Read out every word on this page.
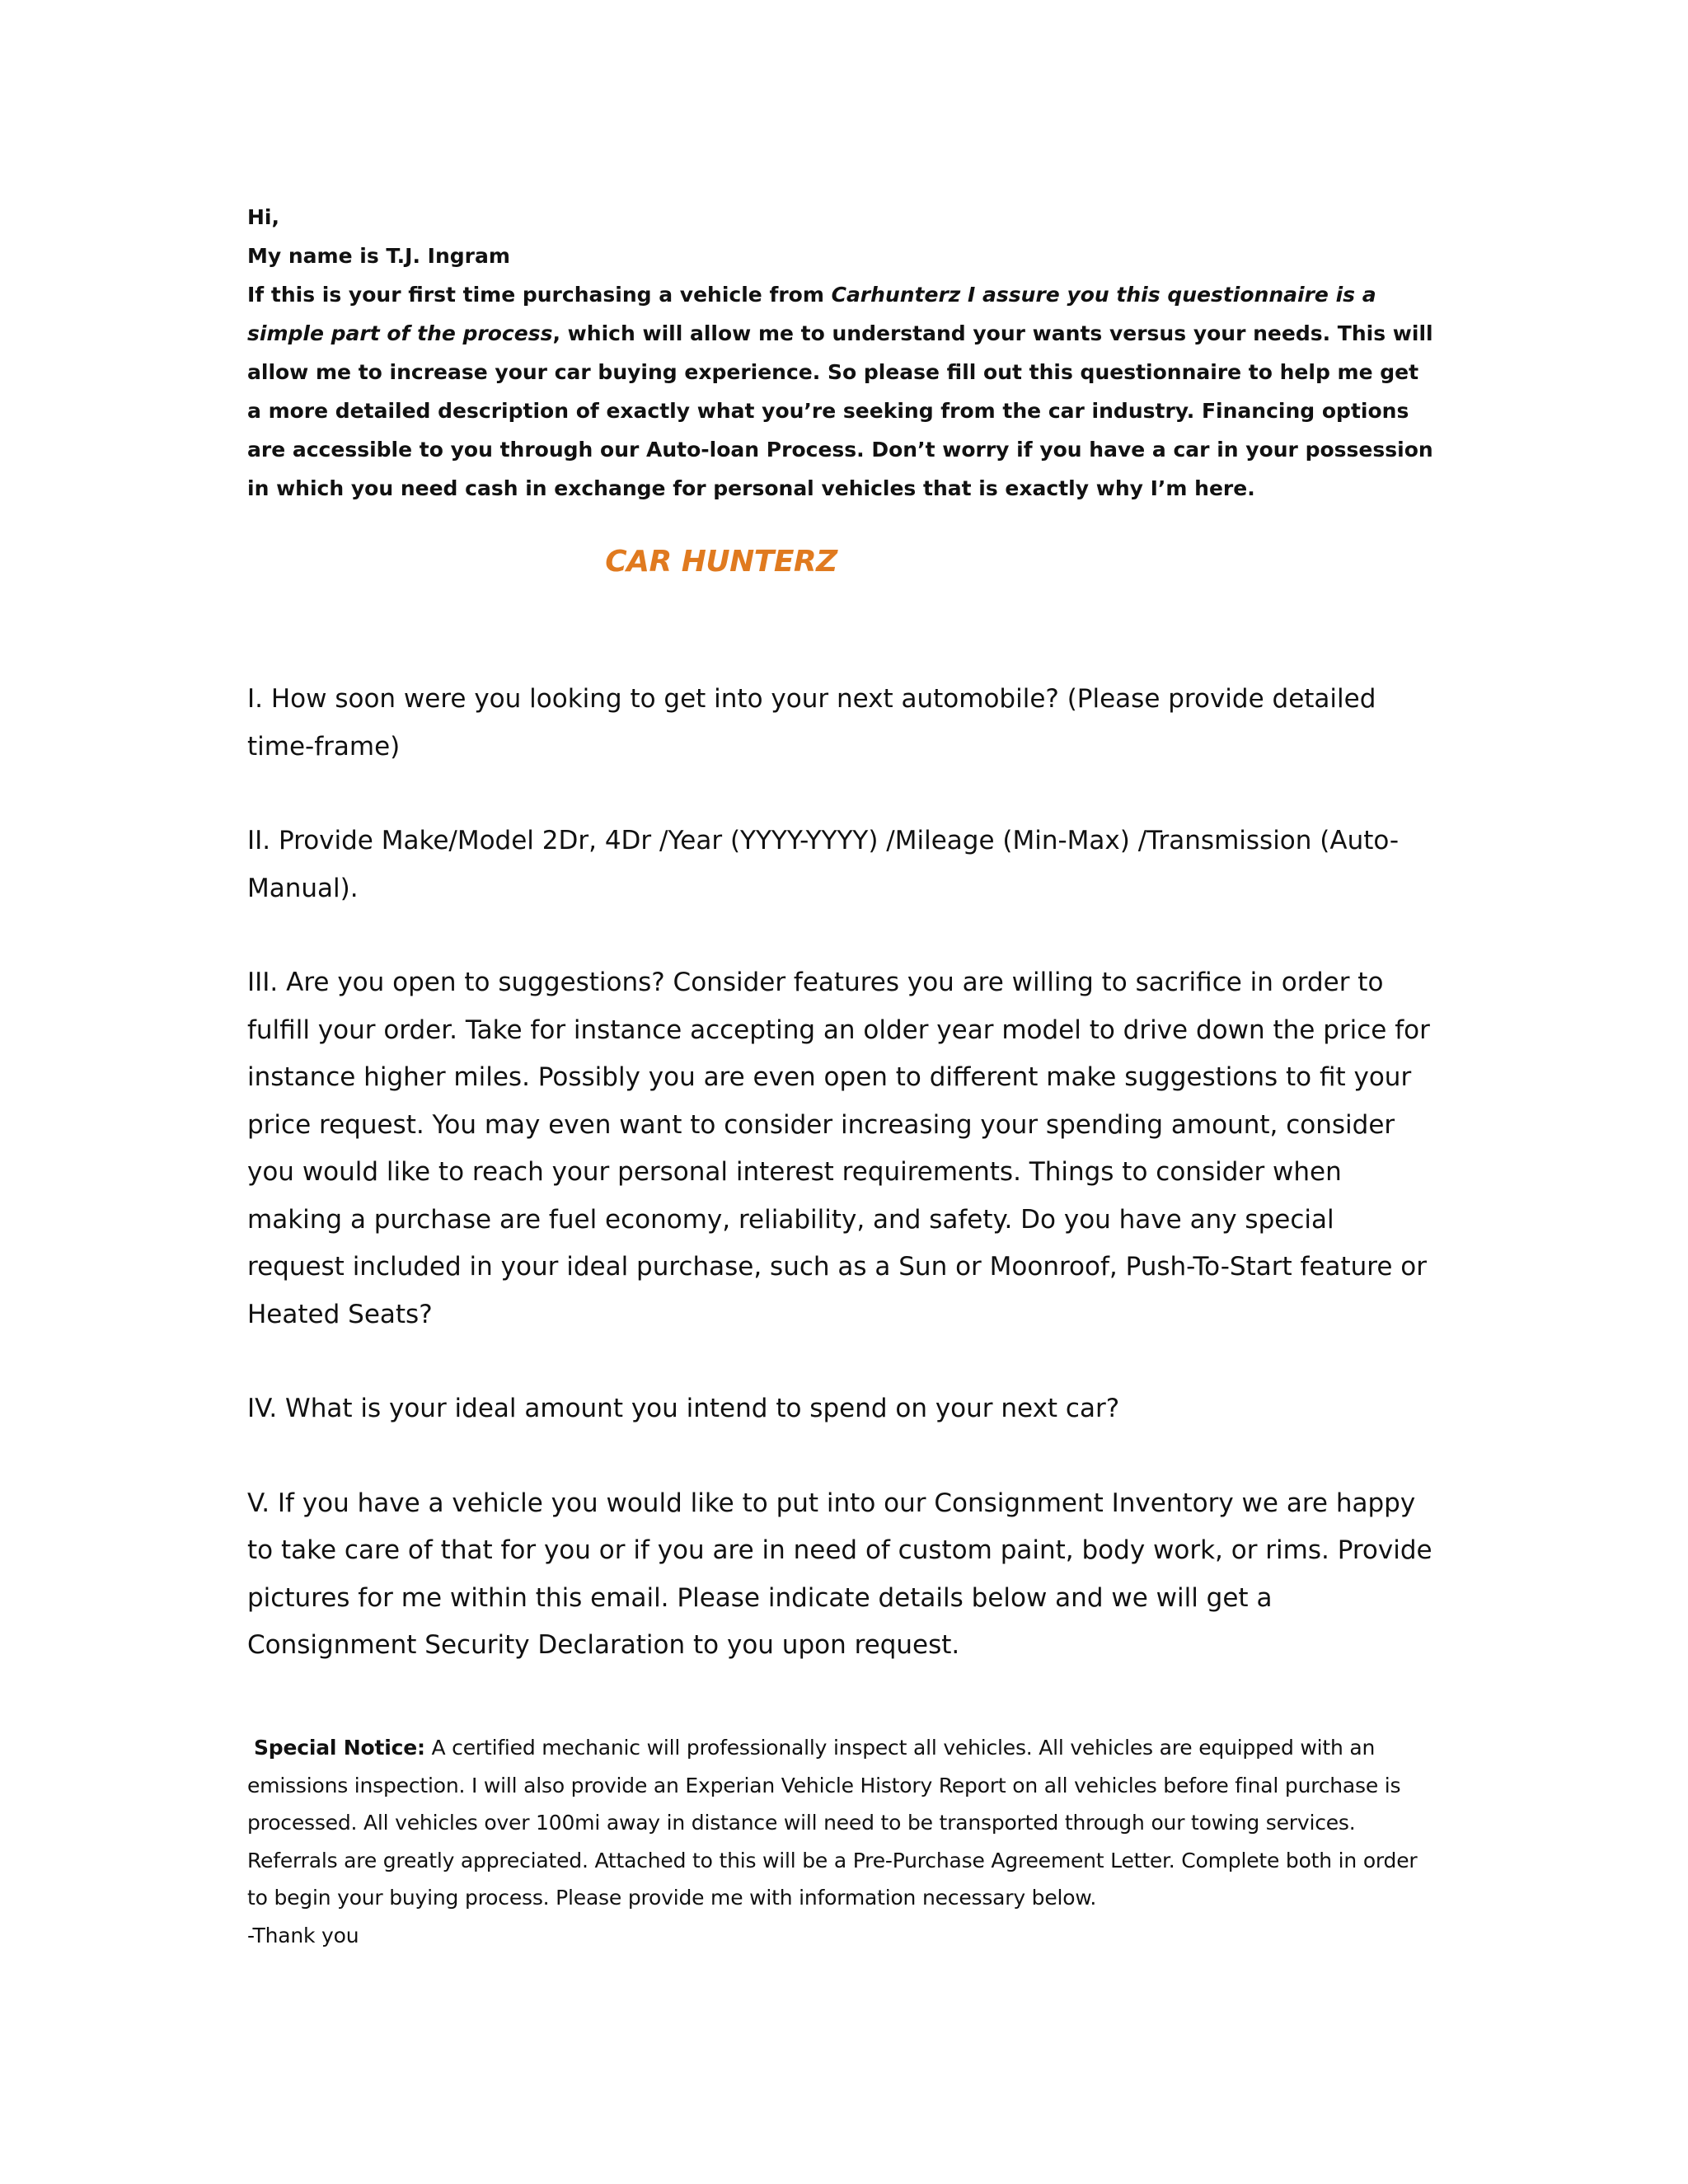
Hi,

My name is T.J. Ingram

If this is your first time purchasing a vehicle from Carhunterz I assure you this questionnaire is a simple part of the process, which will allow me to understand your wants versus your needs. This will allow me to increase your car buying experience. So please fill out this questionnaire to help me get a more detailed description of exactly what you’re seeking from the car industry. Financing options are accessible to you through our Auto-loan Process. Don’t worry if you have a car in your possession in which you need cash in exchange for personal vehicles that is exactly why I’m here.

CAR HUNTERZ

I. How soon were you looking to get into your next automobile? (Please provide detailed time-frame)

II. Provide Make/Model 2Dr, 4Dr /Year (YYYY-YYYY) /Mileage (Min-Max) /Transmission (Auto-Manual).

III. Are you open to suggestions? Consider features you are willing to sacrifice in order to fulfill your order. Take for instance accepting an older year model to drive down the price for instance higher miles. Possibly you are even open to different make suggestions to fit your price request. You may even want to consider increasing your spending amount, consider you would like to reach your personal interest requirements. Things to consider when making a purchase are fuel economy, reliability, and safety. Do you have any special request included in your ideal purchase, such as a Sun or Moonroof, Push-To-Start feature or Heated Seats?

IV. What is your ideal amount you intend to spend on your next car?

V. If you have a vehicle you would like to put into our Consignment Inventory we are happy to take care of that for you or if you are in need of custom paint, body work, or rims. Provide pictures for me within this email. Please indicate details below and we will get a Consignment Security Declaration to you upon request.

Special Notice: A certified mechanic will professionally inspect all vehicles. All vehicles are equipped with an emissions inspection. I will also provide an Experian Vehicle History Report on all vehicles before final purchase is processed. All vehicles over 100mi away in distance will need to be transported through our towing services. Referrals are greatly appreciated. Attached to this will be a Pre-Purchase Agreement Letter. Complete both in order to begin your buying process. Please provide me with information necessary below.

-Thank you
